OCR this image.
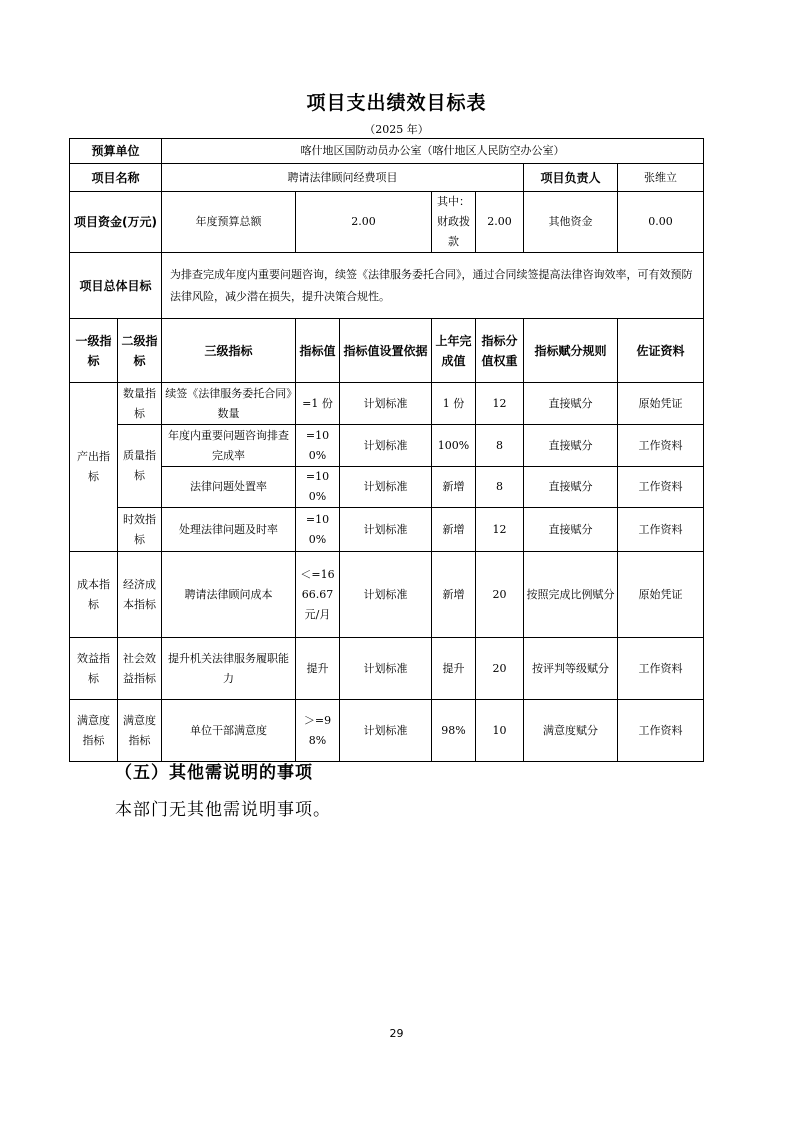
项目支出绩效目标表
（2025 年）
预算单位		喀什地区国防动员办公室（喀什地区人民防空办公室）						
项目名称		聘请法律顾问经费项目					项目负责人	张维立
项目资金(万元)		年度预算总额	2.00		其中：财政拨款	2.00	其他资金	0.00
项目总体目标		为排查完成年度内重要问题咨询，续签《法律服务委托合同》，通过合同续签提高法律咨询效率，可有效预防法律风险，减少潜在损失，提升决策合规性。						
一级指标	二级指标	三级指标	指标值	指标值设置依据	上年完成值	指标分值权重	指标赋分规则	佐证资料
产出指标	数量指标	续签《法律服务委托合同》数量	=1 份	计划标准	1 份	12	直接赋分	原始凭证
	质量指标	年度内重要问题咨询排查完成率	=100%	计划标准	100%	8	直接赋分	工作资料
		法律问题处置率	=100%	计划标准	新增	8	直接赋分	工作资料
	时效指标	处理法律问题及时率	=100%	计划标准	新增	12	直接赋分	工作资料
成本指标	经济成本指标	聘请法律顾问成本	＜=1666.67 元/月	计划标准	新增	20	按照完成比例赋分	原始凭证
效益指标	社会效益指标	提升机关法律服务履职能力	提升	计划标准	提升	20	按评判等级赋分	工作资料
满意度指标	满意度指标	单位干部满意度	＞=98%	计划标准	98%	10	满意度赋分	工作资料
（五）其他需说明的事项
本部门无其他需说明事项。
29
